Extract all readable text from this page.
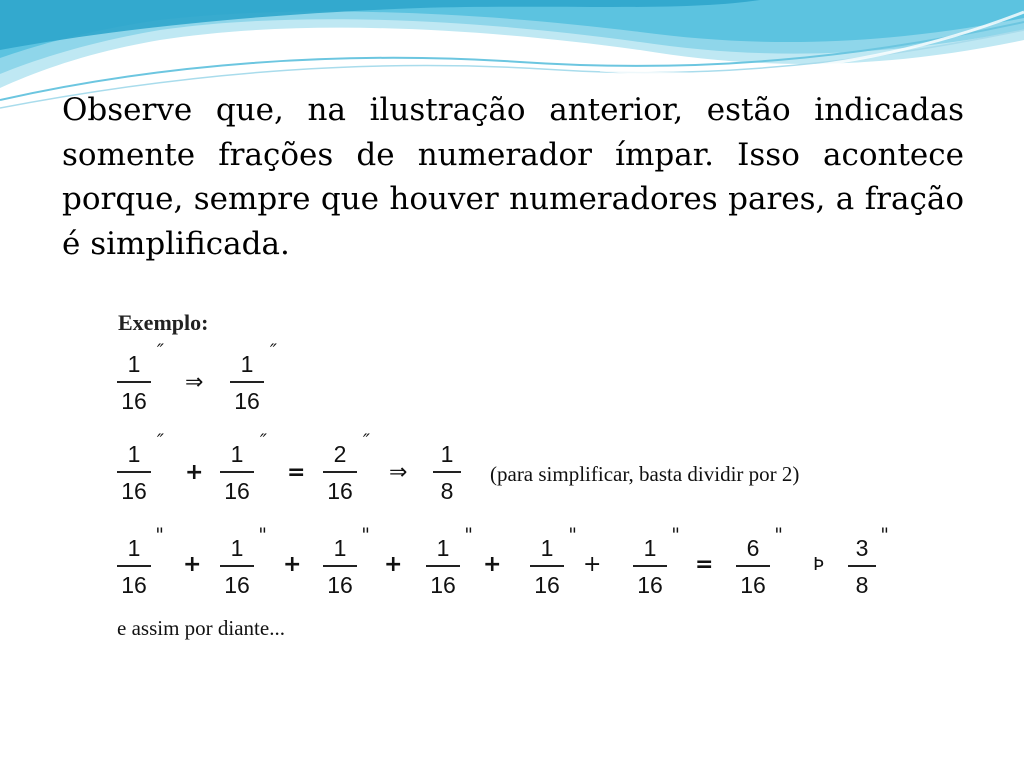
Observe que, na ilustração anterior, estão indicadas somente frações de numerador ímpar. Isso acontece porque, sempre que houver numeradores pares, a fração é simplificada.

Exemplo:
1
16
″
⇒
1
16
″
1
16
″
+
1
16
″
=
2
16
″
⇒
1
8
(para simplificar, basta dividir por 2)
1
16
"
+
1
16
"
+
1
16
"
+
1
16
"
+
1
16
"
+
1
16
"
=
6
16
"
Þ
3
8
"
e assim por diante...
